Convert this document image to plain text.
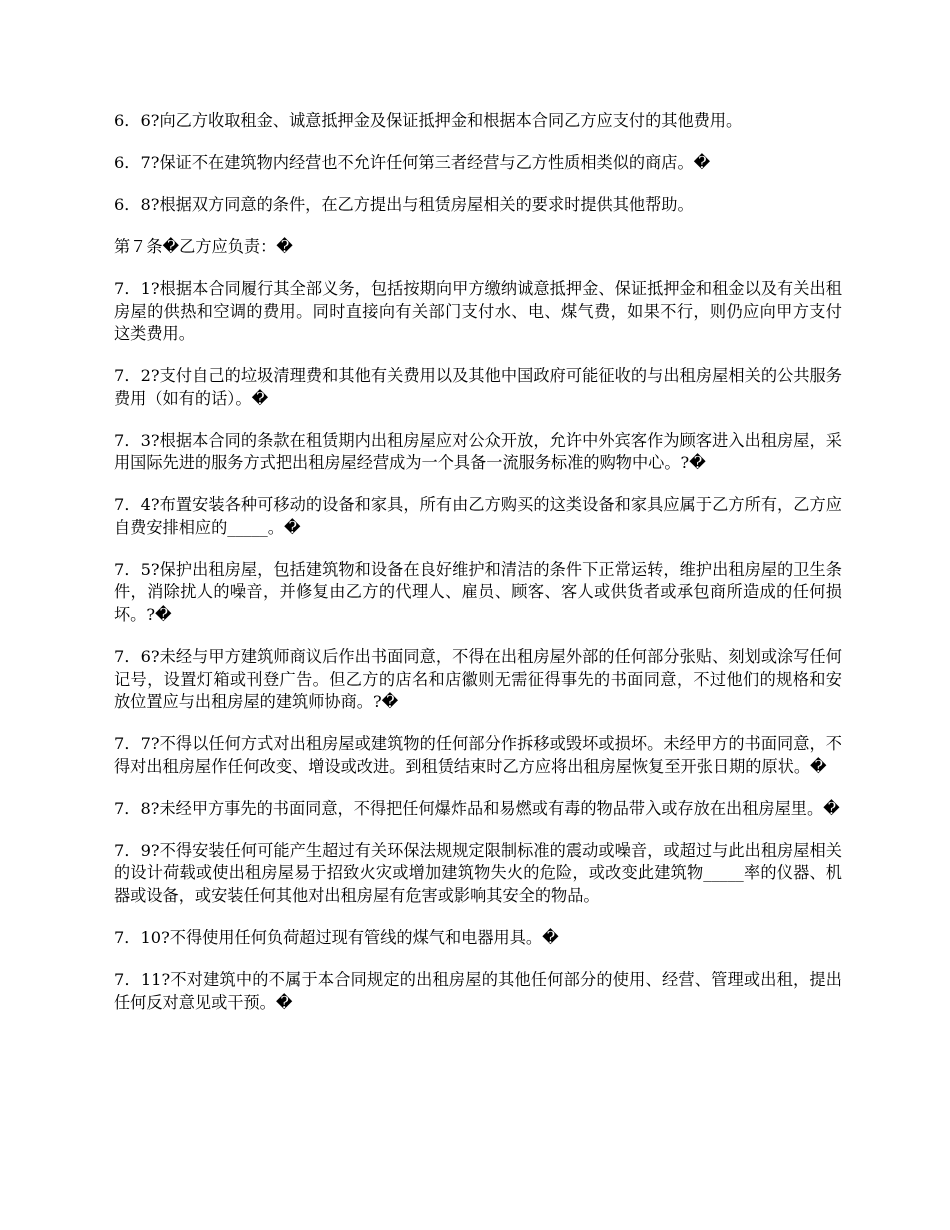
6．6?向乙方收取租金、诚意抵押金及保证抵押金和根据本合同乙方应支付的其他费用。

6．7?保证不在建筑物内经营也不允许任何第三者经营与乙方性质相类似的商店。�

6．8?根据双方同意的条件，在乙方提出与租赁房屋相关的要求时提供其他帮助。

第７条�乙方应负责：�

7．1?根据本合同履行其全部义务，包括按期向甲方缴纳诚意抵押金、保证抵押金和租金以及有关出租房屋的供热和空调的费用。同时直接向有关部门支付水、电、煤气费，如果不行，则仍应向甲方支付这类费用。

7．2?支付自己的垃圾清理费和其他有关费用以及其他中国政府可能征收的与出租房屋相关的公共服务费用（如有的话）。�

7．3?根据本合同的条款在租赁期内出租房屋应对公众开放，允许中外宾客作为顾客进入出租房屋，采用国际先进的服务方式把出租房屋经营成为一个具备一流服务标准的购物中心。?�

7．4?布置安装各种可移动的设备和家具，所有由乙方购买的这类设备和家具应属于乙方所有，乙方应自费安排相应的_____。�

7．5?保护出租房屋，包括建筑物和设备在良好维护和清洁的条件下正常运转，维护出租房屋的卫生条件，消除扰人的噪音，并修复由乙方的代理人、雇员、顾客、客人或供货者或承包商所造成的任何损坏。?�

7．6?未经与甲方建筑师商议后作出书面同意，不得在出租房屋外部的任何部分张贴、刻划或涂写任何记号，设置灯箱或刊登广告。但乙方的店名和店徽则无需征得事先的书面同意，不过他们的规格和安放位置应与出租房屋的建筑师协商。?�

7．7?不得以任何方式对出租房屋或建筑物的任何部分作拆移或毁坏或损坏。未经甲方的书面同意，不得对出租房屋作任何改变、增设或改进。到租赁结束时乙方应将出租房屋恢复至开张日期的原状。�

7．8?未经甲方事先的书面同意，不得把任何爆炸品和易燃或有毒的物品带入或存放在出租房屋里。�

7．9?不得安装任何可能产生超过有关环保法规规定限制标准的震动或噪音，或超过与此出租房屋相关的设计荷载或使出租房屋易于招致火灾或增加建筑物失火的危险，或改变此建筑物_____率的仪器、机器或设备，或安装任何其他对出租房屋有危害或影响其安全的物品。

7．10?不得使用任何负荷超过现有管线的煤气和电器用具。�

7．11?不对建筑中的不属于本合同规定的出租房屋的其他任何部分的使用、经营、管理或出租，提出任何反对意见或干预。�
